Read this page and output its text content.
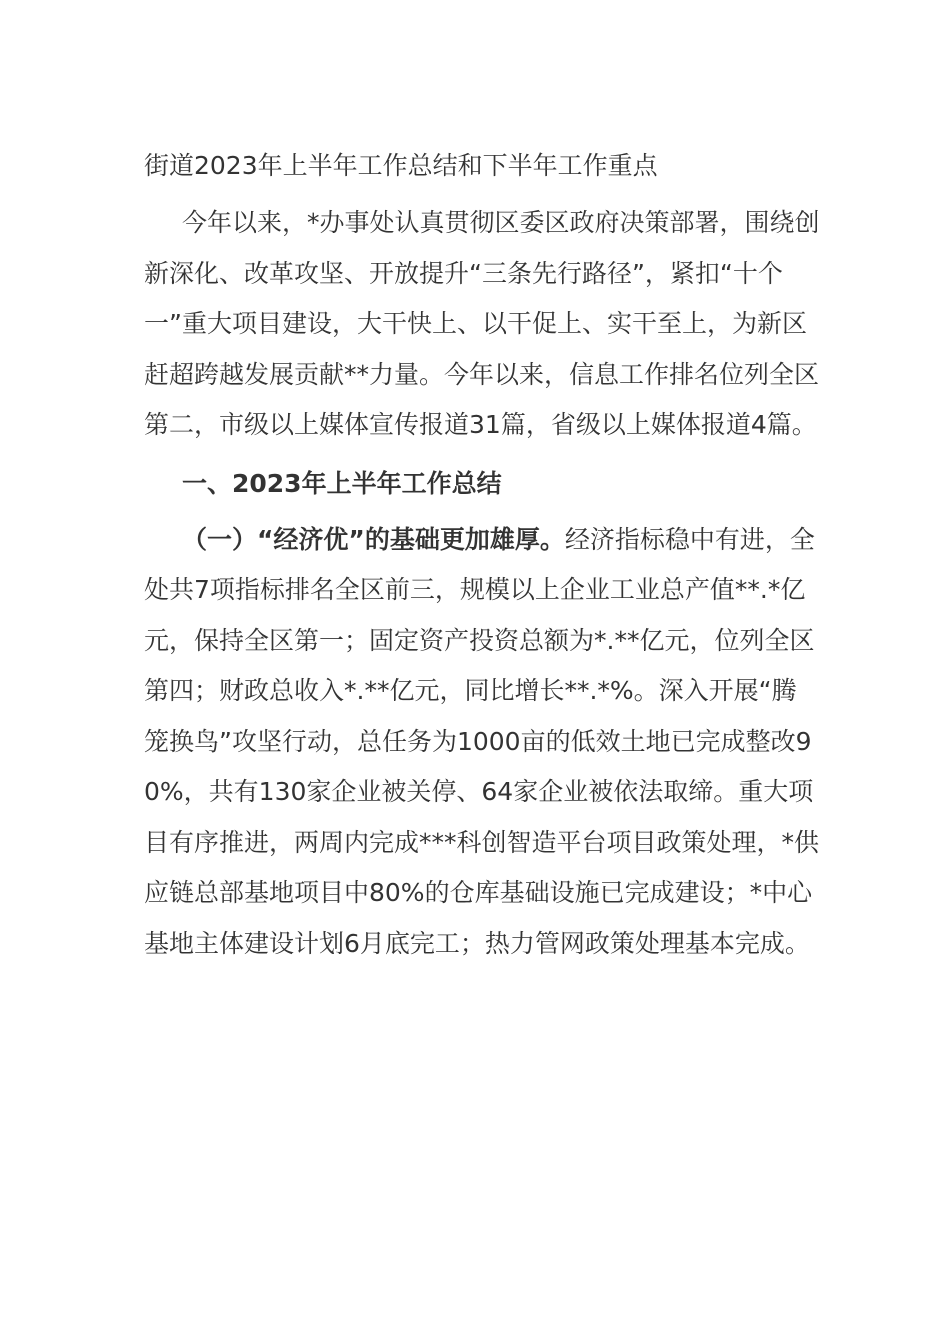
街道2023年上半年工作总结和下半年工作重点

今年以来，*办事处认真贯彻区委区政府决策部署，围绕创新深化、改革攻坚、开放提升“三条先行路径”，紧扣“十个一”重大项目建设，大干快上、以干促上、实干至上，为新区赶超跨越发展贡献**力量。今年以来，信息工作排名位列全区第二，市级以上媒体宣传报道31篇，省级以上媒体报道4篇。

一、2023年上半年工作总结

（一）“经济优”的基础更加雄厚。经济指标稳中有进，全处共7项指标排名全区前三，规模以上企业工业总产值**.*亿元，保持全区第一；固定资产投资总额为*.**亿元，位列全区第四；财政总收入*.**亿元，同比增长**.*%。深入开展“腾笼换鸟”攻坚行动，总任务为1000亩的低效土地已完成整改90%，共有130家企业被关停、64家企业被依法取缔。重大项目有序推进，两周内完成***科创智造平台项目政策处理，*供应链总部基地项目中80%的仓库基础设施已完成建设；*中心基地主体建设计划6月底完工；热力管网政策处理基本完成。
